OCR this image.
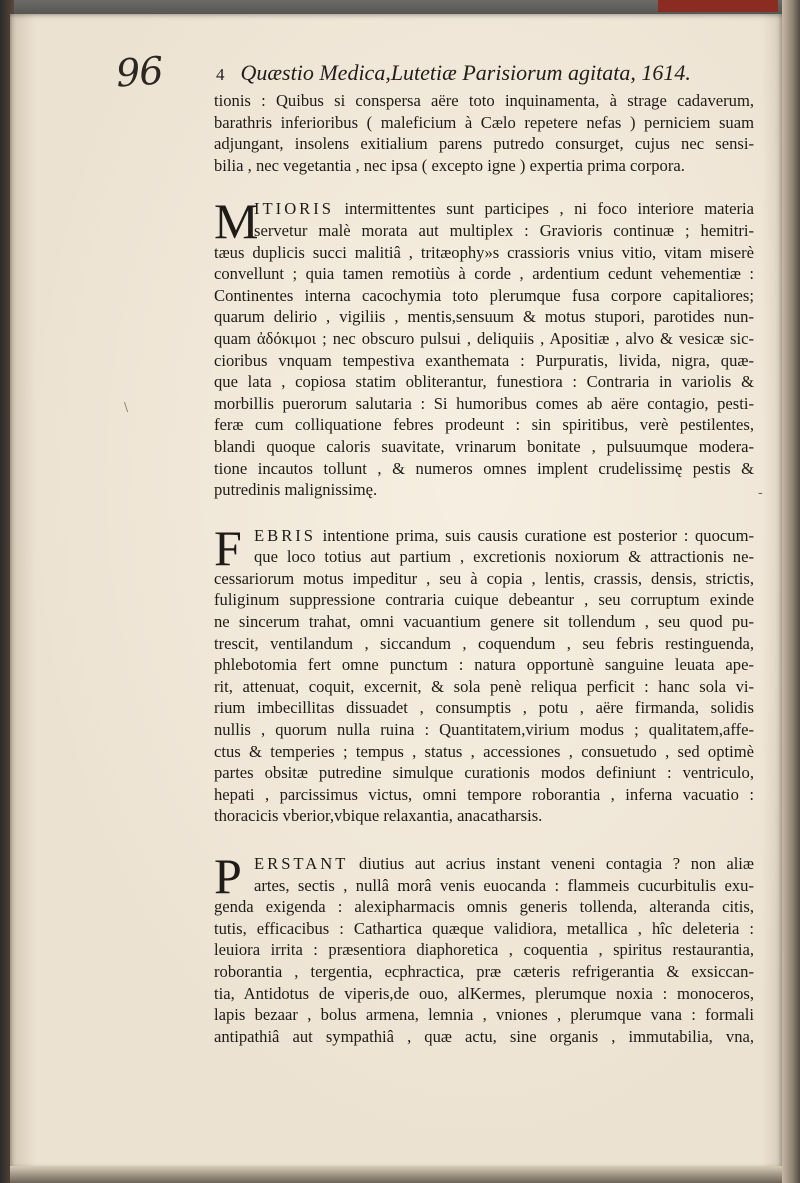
96	4 Quæstio Medica,Lutetiæ Parisiorum agitata, 1614.
tionis : Quibus si conspersa aëre toto inquinamenta, à strage cadaverum,
barathris inferioribus ( maleficium à Cælo repetere nefas ) perniciem suam
adjungant, insolens exitialium parens putredo consurget, cujus nec sensi-
bilia , nec vegetantia , nec ipsa ( excepto igne ) expertia prima corpora.
M
ITIORIS intermittentes sunt participes , ni foco interiore materia
servetur malè morata aut multiplex : Gravioris continuæ ; hemitri-
tæus duplicis succi malitiâ , tritæophy»s crassioris vnius vitio, vitam miserè
convellunt ; quia tamen remotiùs à corde , ardentium cedunt vehementiæ :
Continentes interna cacochymia toto plerumque fusa corpore capitaliores;
quarum delirio , vigiliis , mentis,sensuum & motus stupori, parotides nun-
quam ἀδόκιμοι ; nec obscuro pulsui , deliquiis , Apositiæ , alvo & vesicæ sic-
cioribus vnquam tempestiva exanthemata : Purpuratis, livida, nigra, quæ-
que lata , copiosa statim obliterantur, funestiora : Contraria in variolis &
morbillis puerorum salutaria : Si humoribus comes ab aëre contagio, pesti-
feræ cum colliquatione febres prodeunt : sin spiritibus, verè pestilentes,
blandi quoque caloris suavitate, vrinarum bonitate , pulsuumque modera-
tione incautos tollunt , & numeros omnes implent crudelissimę pestis &
putredinis malignissimę.
F EBRIS intentione prima, suis causis curatione est posterior : quocum-
que loco totius aut partium , excretionis noxiorum & attractionis ne-
cessariorum motus impeditur , seu à copia , lentis, crassis, densis, strictis,
fuliginum suppressione contraria cuique debeantur , seu corruptum exinde
ne sincerum trahat, omni vacuantium genere sit tollendum , seu quod pu-
trescit, ventilandum , siccandum , coquendum , seu febris restinguenda,
phlebotomia fert omne punctum : natura opportunè sanguine leuata ape-
rit, attenuat, coquit, excernit, & sola penè reliqua perficit : hanc sola vi-
rium imbecillitas dissuadet , consumptis , potu , aëre firmanda, solidis
nullis , quorum nulla ruina : Quantitatem,virium modus ; qualitatem,affe-
ctus & temperies ; tempus , status , accessiones , consuetudo , sed optimè
partes obsitæ putredine simulque curationis modos definiunt : ventriculo,
hepati , parcissimus victus, omni tempore roborantia , inferna vacuatio :
thoracicis vberior,vbique relaxantia, anacatharsis.
P ERSTANT diutius aut acrius instant veneni contagia ? non aliæ
artes, sectis , nullâ morâ venis euocanda : flammeis cucurbitulis exu-
genda exigenda : alexipharmacis omnis generis tollenda, alteranda citis,
tutis, efficacibus : Cathartica quæque validiora, metallica , hîc deleteria :
leuiora irrita : præsentiora diaphoretica , coquentia , spiritus restaurantia,
roborantia , tergentia, ecphractica, præ cæteris refrigerantia & exsiccan-
tia, Antidotus de viperis,de ouo, alKermes, plerumque noxia : monoceros,
lapis bezaar , bolus armena, lemnia , vniones , plerumque vana : formali
antipathiâ aut sympathiâ , quæ actu, sine organis , immutabilia, vna,
-
\
